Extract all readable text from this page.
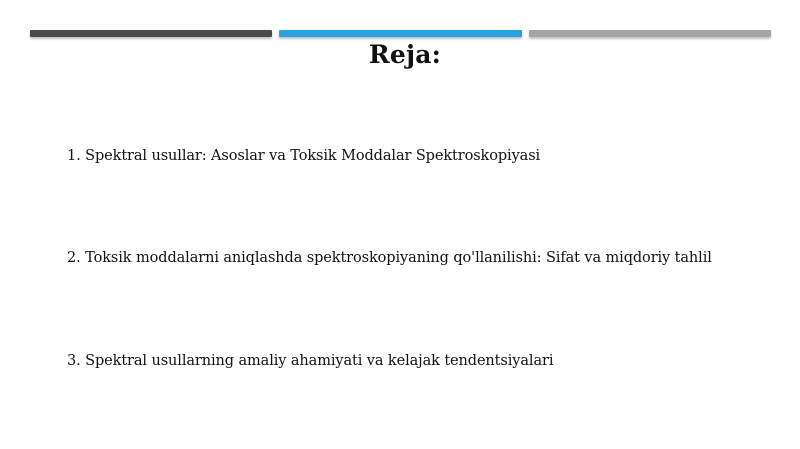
Reja:
1. Spektral usullar: Asoslar va Toksik Moddalar Spektroskopiyasi
2. Toksik moddalarni aniqlashda spektroskopiyaning qo'llanilishi: Sifat va miqdoriy tahlil
3. Spektral usullarning amaliy ahamiyati va kelajak tendentsiyalari
